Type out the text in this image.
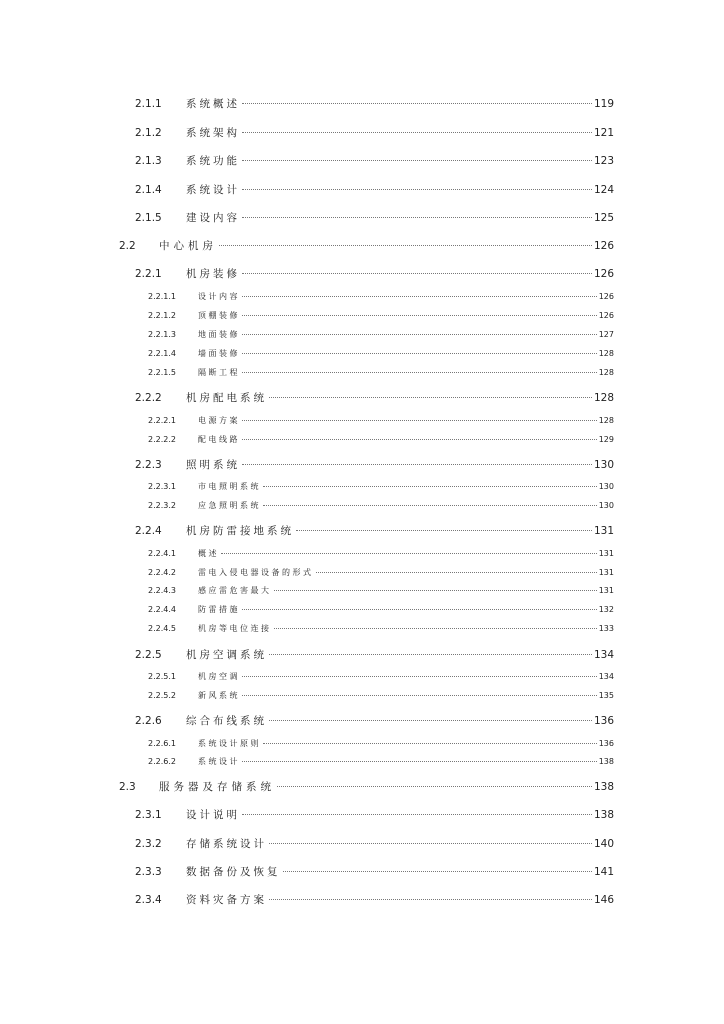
2.1.1	系统概述	119
2.1.2	系统架构	121
2.1.3	系统功能	123
2.1.4	系统设计	124
2.1.5	建设内容	125
2.2	中心机房	126
2.2.1	机房装修	126
2.2.1.1	设计内容	126
2.2.1.2	顶棚装修	126
2.2.1.3	地面装修	127
2.2.1.4	墙面装修	128
2.2.1.5	隔断工程	128
2.2.2	机房配电系统	128
2.2.2.1	电源方案	128
2.2.2.2	配电线路	129
2.2.3	照明系统	130
2.2.3.1	市电照明系统	130
2.2.3.2	应急照明系统	130
2.2.4	机房防雷接地系统	131
2.2.4.1	概述	131
2.2.4.2	雷电入侵电器设备的形式	131
2.2.4.3	感应雷危害最大	131
2.2.4.4	防雷措施	132
2.2.4.5	机房等电位连接	133
2.2.5	机房空调系统	134
2.2.5.1	机房空调	134
2.2.5.2	新风系统	135
2.2.6	综合布线系统	136
2.2.6.1	系统设计原则	136
2.2.6.2	系统设计	138
2.3	服务器及存储系统	138
2.3.1	设计说明	138
2.3.2	存储系统设计	140
2.3.3	数据备份及恢复	141
2.3.4	资料灾备方案	146
